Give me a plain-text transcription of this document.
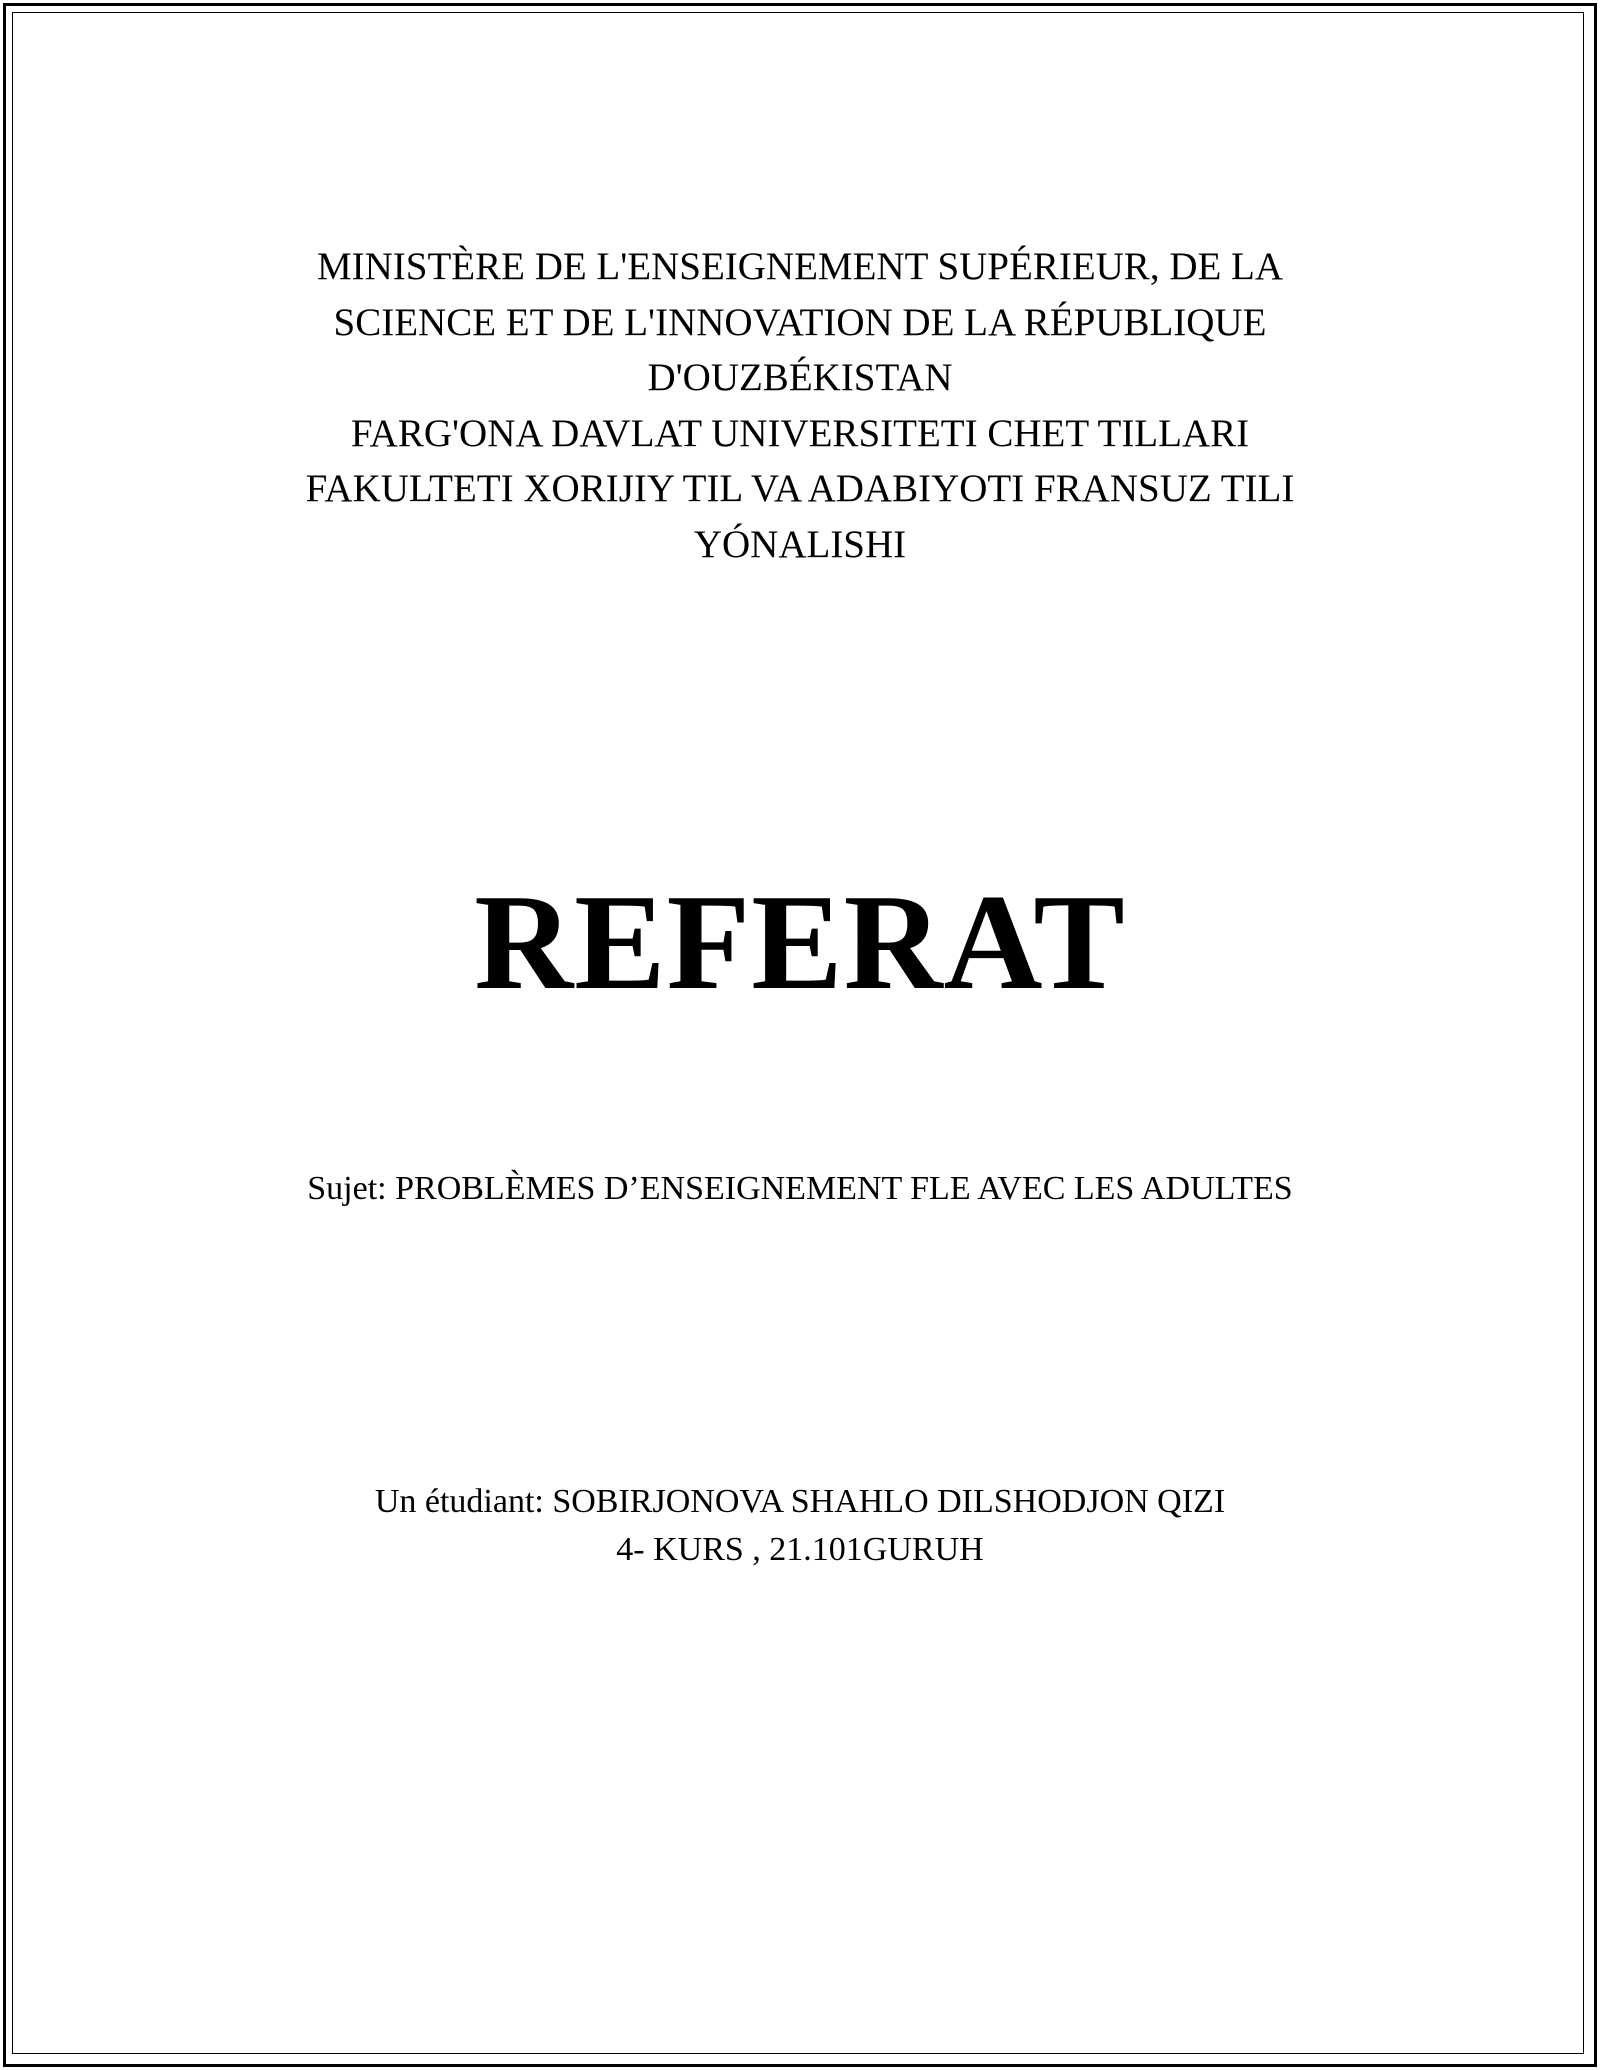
MINISTÈRE DE L'ENSEIGNEMENT SUPÉRIEUR, DE LA
SCIENCE ET DE L'INNOVATION DE LA RÉPUBLIQUE
D'OUZBÉKISTAN
FARG'ONA DAVLAT UNIVERSITETI CHET TILLARI
FAKULTETI XORIJIY TIL VA ADABIYOTI FRANSUZ TILI
YÓNALISHI
REFERAT
Sujet: PROBLÈMES D’ENSEIGNEMENT FLE AVEC LES ADULTES
Un étudiant: SOBIRJONOVA SHAHLO DILSHODJON QIZI
4- KURS , 21.101GURUH
